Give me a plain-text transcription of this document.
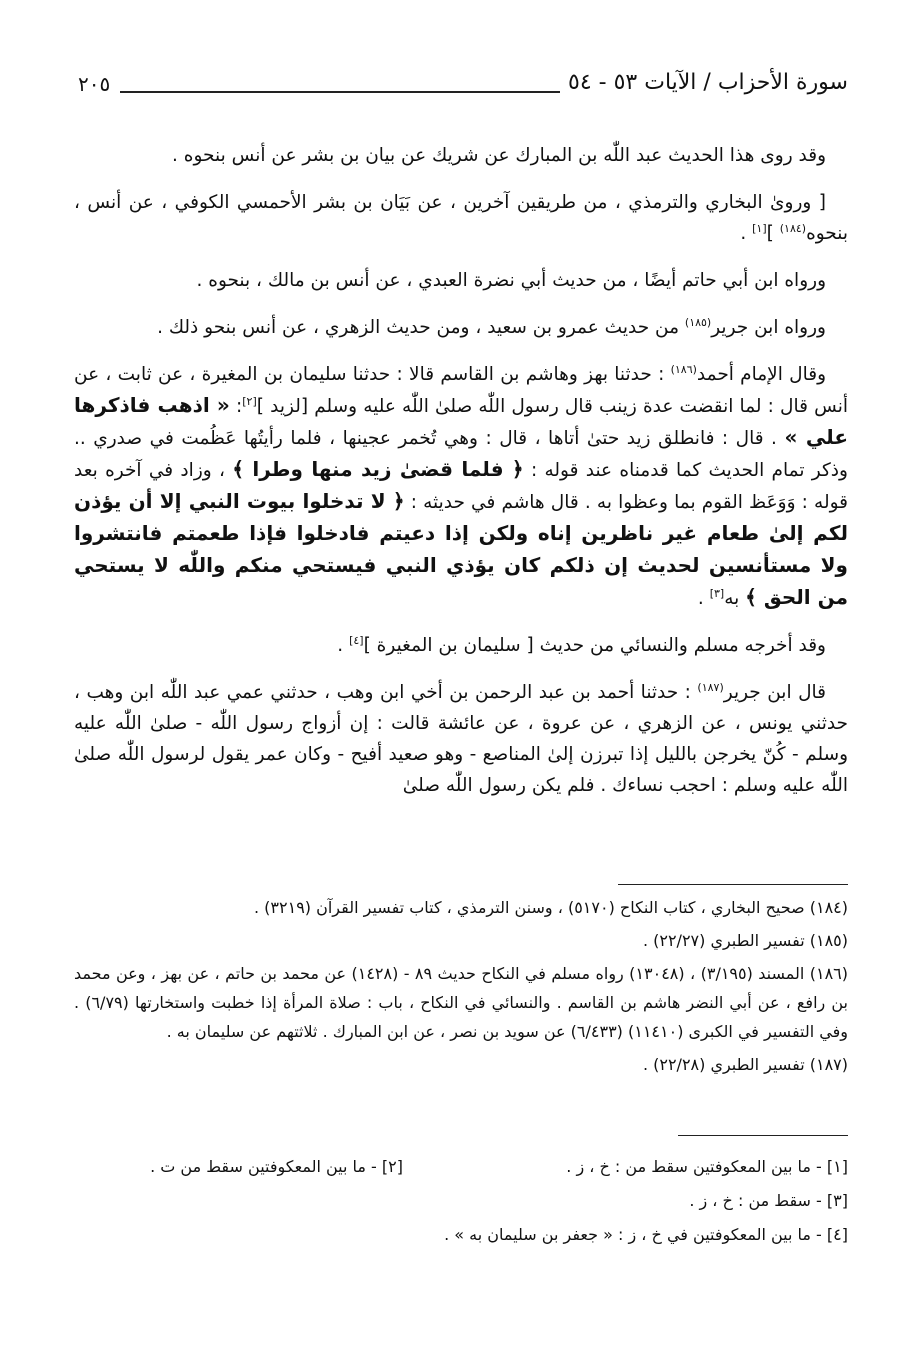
سورة الأحزاب / الآيات ٥٣ - ٥٤
٢٠٥

وقد روى هذا الحديث عبد اللّٰه بن المبارك عن شريك عن بيان بن بشر عن أنس بنحوه .

[ وروىٰ البخاري والترمذي ، من طريقين آخرين ، عن بَيَان بن بشر الأحمسي الكوفي ، عن أنس ، بنحوه$^{(١٨٤)}$ ][١] .

ورواه ابن أبي حاتم أيضًا ، من حديث أبي نضرة العبدي ، عن أنس بن مالك ، بنحوه .

ورواه ابن جرير$^{(١٨٥)}$ من حديث عمرو بن سعيد ، ومن حديث الزهري ، عن أنس بنحو ذلك .

وقال الإمام أحمد$^{(١٨٦)}$ : حدثنا بهز وهاشم بن القاسم قالا : حدثنا سليمان بن المغيرة ، عن ثابت ، عن أنس قال : لما انقضت عدة زينب قال رسول اللّٰه صلىٰ اللّٰه عليه وسلم [لزيد ][٢]: « اذهب فاذكرها علي » . قال : فانطلق زيد حتىٰ أتاها ، قال : وهي تُخمر عجينها ، فلما رأيتُها عَظُمت في صدري .. وذكر تمام الحديث كما قدمناه عند قوله : ﴿ فلما قضىٰ زيد منها وطرا ﴾ ، وزاد في آخره بعد قوله : وَوَعَظ القوم بما وعظوا به . قال هاشم في حديثه : ﴿ لا تدخلوا بيوت النبي إلا أن يؤذن لكم إلىٰ طعام غير ناظرين إناه ولكن إذا دعيتم فادخلوا فإذا طعمتم فانتشروا ولا مستأنسين لحديث إن ذلكم كان يؤذي النبي فيستحي منكم واللّٰه لا يستحي من الحق ﴾ به[٣] .

وقد أخرجه مسلم والنسائي من حديث [ سليمان بن المغيرة ][٤] .

قال ابن جرير$^{(١٨٧)}$ : حدثنا أحمد بن عبد الرحمن بن أخي ابن وهب ، حدثني عمي عبد اللّٰه ابن وهب ، حدثني يونس ، عن الزهري ، عن عروة ، عن عائشة قالت : إن أزواج رسول اللّٰه - صلىٰ اللّٰه عليه وسلم - كُنّ يخرجن بالليل إذا تبرزن إلىٰ المناصع - وهو صعيد أفيح - وكان عمر يقول لرسول اللّٰه صلىٰ اللّٰه عليه وسلم : احجب نساءك . فلم يكن رسول اللّٰه صلىٰ

(١٨٤) صحيح البخاري ، كتاب النكاح (٥١٧٠) ، وسنن الترمذي ، كتاب تفسير القرآن (٣٢١٩) .

(١٨٥) تفسير الطبري (٢٢/٢٧) .

(١٨٦) المسند (٣/١٩٥) ، (١٣٠٤٨) رواه مسلم في النكاح حديث ٨٩ - (١٤٢٨) عن محمد بن حاتم ، عن بهز ، وعن محمد بن رافع ، عن أبي النضر هاشم بن القاسم . والنسائي في النكاح ، باب : صلاة المرأة إذا خطبت واستخارتها (٦/٧٩) . وفي التفسير في الكبرى (١١٤١٠) (٦/٤٣٣) عن سويد بن نصر ، عن ابن المبارك . ثلاثتهم عن سليمان به .

(١٨٧) تفسير الطبري (٢٢/٢٨) .

[١] - ما بين المعكوفتين سقط من : خ ، ز .
[٢] - ما بين المعكوفتين سقط من ت .
[٣] - سقط من : خ ، ز .
[٤] - ما بين المعكوفتين في خ ، ز : « جعفر بن سليمان به » .
